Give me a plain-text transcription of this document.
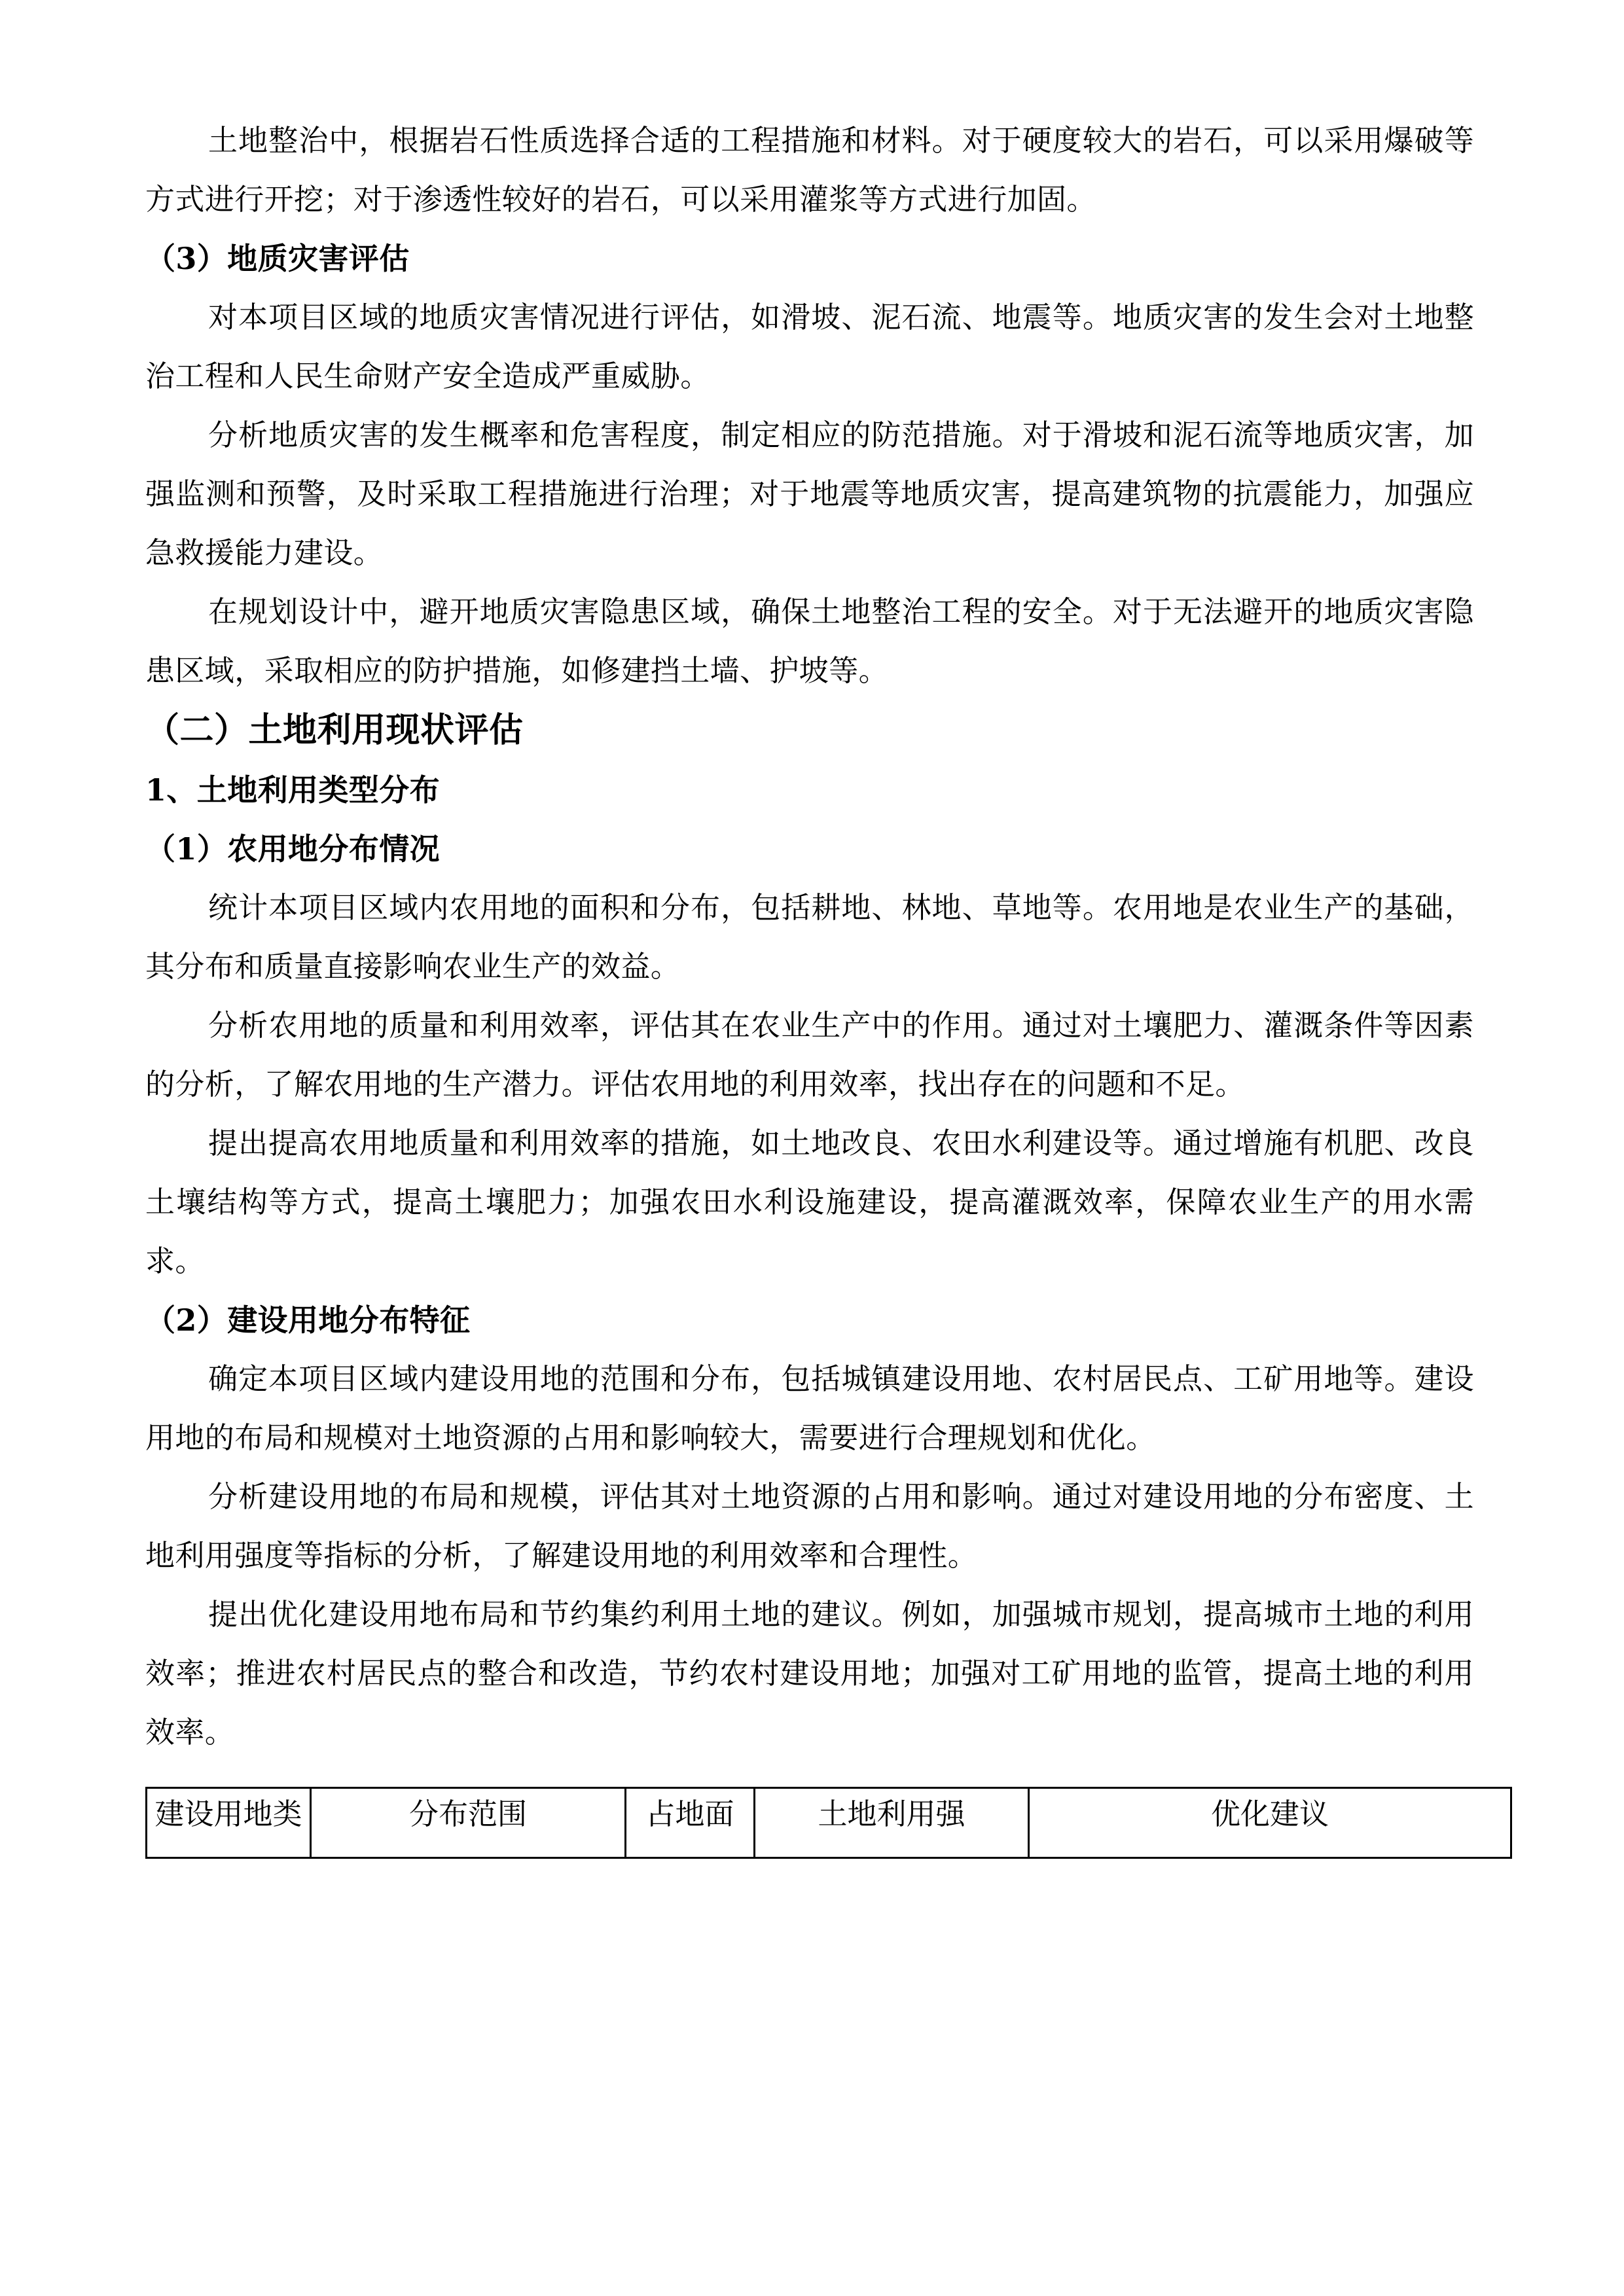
土地整治中，根据岩石性质选择合适的工程措施和材料。对于硬度较大的岩石，可以采用爆破等方式进行开挖；对于渗透性较好的岩石，可以采用灌浆等方式进行加固。

（3）地质灾害评估

对本项目区域的地质灾害情况进行评估，如滑坡、泥石流、地震等。地质灾害的发生会对土地整治工程和人民生命财产安全造成严重威胁。

分析地质灾害的发生概率和危害程度，制定相应的防范措施。对于滑坡和泥石流等地质灾害，加强监测和预警，及时采取工程措施进行治理；对于地震等地质灾害，提高建筑物的抗震能力，加强应急救援能力建设。

在规划设计中，避开地质灾害隐患区域，确保土地整治工程的安全。对于无法避开的地质灾害隐患区域，采取相应的防护措施，如修建挡土墙、护坡等。

（二）土地利用现状评估
1、土地利用类型分布
（1）农用地分布情况

统计本项目区域内农用地的面积和分布，包括耕地、林地、草地等。农用地是农业生产的基础，其分布和质量直接影响农业生产的效益。

分析农用地的质量和利用效率，评估其在农业生产中的作用。通过对土壤肥力、灌溉条件等因素的分析，了解农用地的生产潜力。评估农用地的利用效率，找出存在的问题和不足。

提出提高农用地质量和利用效率的措施，如土地改良、农田水利建设等。通过增施有机肥、改良土壤结构等方式，提高土壤肥力；加强农田水利设施建设，提高灌溉效率，保障农业生产的用水需求。

（2）建设用地分布特征

确定本项目区域内建设用地的范围和分布，包括城镇建设用地、农村居民点、工矿用地等。建设用地的布局和规模对土地资源的占用和影响较大，需要进行合理规划和优化。

分析建设用地的布局和规模，评估其对土地资源的占用和影响。通过对建设用地的分布密度、土地利用强度等指标的分析，了解建设用地的利用效率和合理性。

提出优化建设用地布局和节约集约利用土地的建议。例如，加强城市规划，提高城市土地的利用效率；推进农村居民点的整合和改造，节约农村建设用地；加强对工矿用地的监管，提高土地的利用效率。

建设用地类	分布范围	占地面	土地利用强	优化建议
